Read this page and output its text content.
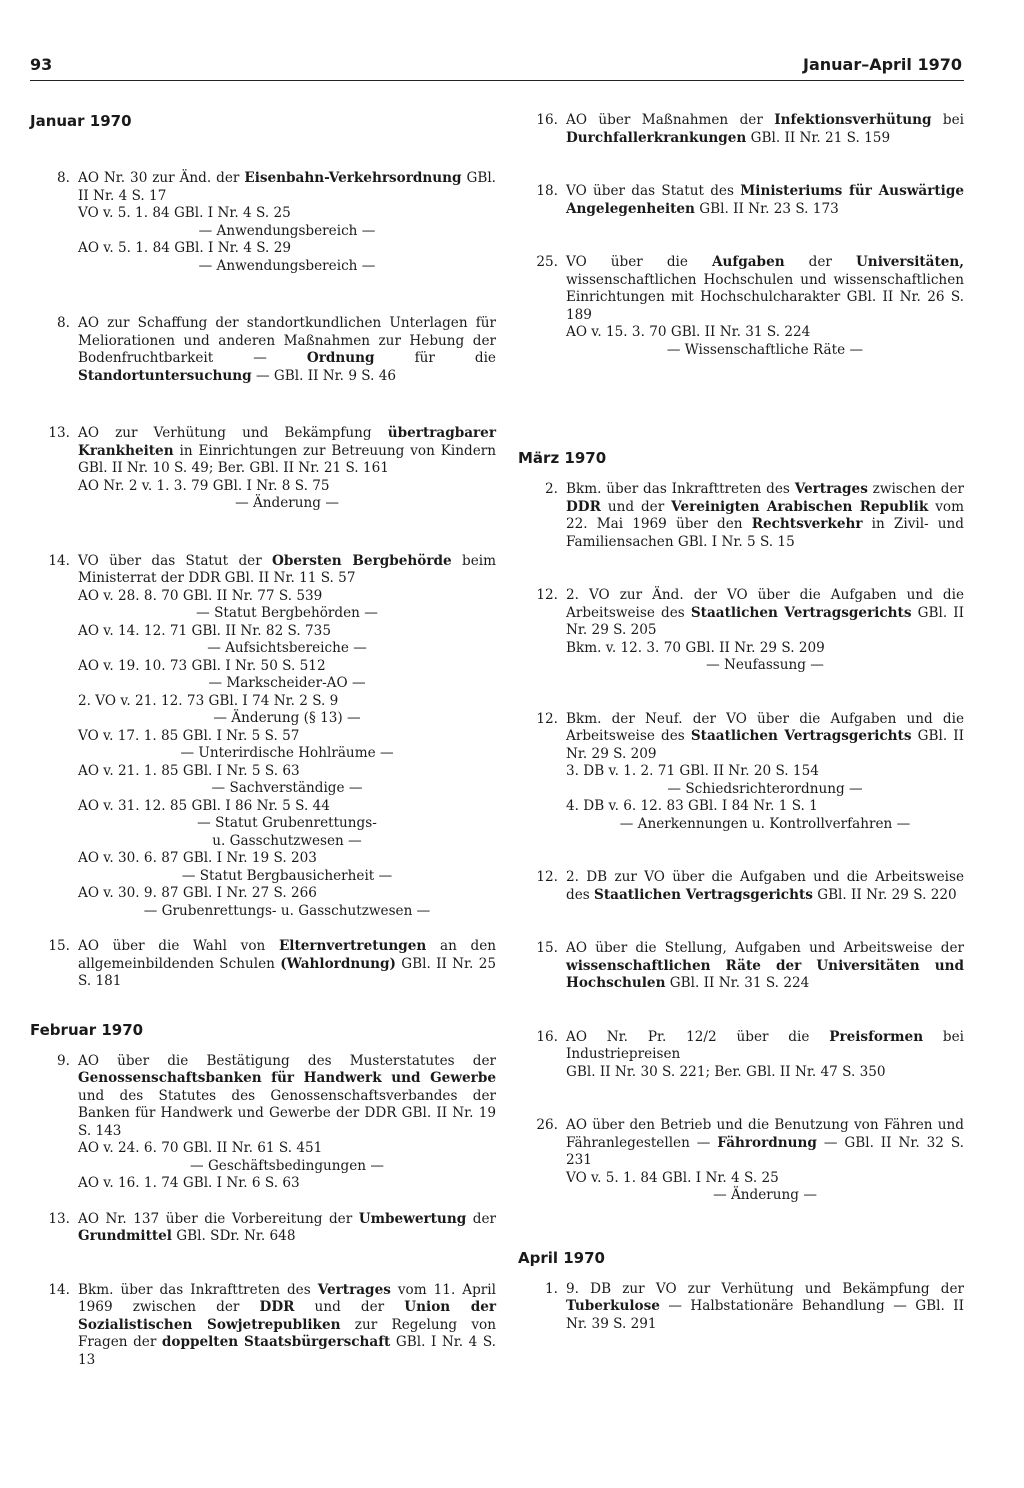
93	Januar–April 1970
Januar 1970
8. AO Nr. 30 zur Änd. der Eisenbahn-Verkehrsordnung GBl. II Nr. 4 S. 17
VO v. 5. 1. 84 GBl. I Nr. 4 S. 25
— Anwendungsbereich —
AO v. 5. 1. 84 GBl. I Nr. 4 S. 29
— Anwendungsbereich —
8. AO zur Schaffung der standortkundlichen Unterlagen für Meliorationen und anderen Maßnahmen zur Hebung der Bodenfruchtbarkeit — Ordnung für die Standortuntersuchung — GBl. II Nr. 9 S. 46
13. AO zur Verhütung und Bekämpfung übertragbarer Krankheiten in Einrichtungen zur Betreuung von Kindern GBl. II Nr. 10 S. 49; Ber. GBl. II Nr. 21 S. 161
AO Nr. 2 v. 1. 3. 79 GBl. I Nr. 8 S. 75
— Änderung —
14. VO über das Statut der Obersten Bergbehörde beim Ministerrat der DDR GBl. II Nr. 11 S. 57
AO v. 28. 8. 70 GBl. II Nr. 77 S. 539
— Statut Bergbehörden —
AO v. 14. 12. 71 GBl. II Nr. 82 S. 735
— Aufsichtsbereiche —
AO v. 19. 10. 73 GBl. I Nr. 50 S. 512
— Markscheider-AO —
2. VO v. 21. 12. 73 GBl. I 74 Nr. 2 S. 9
— Änderung (§ 13) —
VO v. 17. 1. 85 GBl. I Nr. 5 S. 57
— Unterirdische Hohlräume —
AO v. 21. 1. 85 GBl. I Nr. 5 S. 63
— Sachverständige —
AO v. 31. 12. 85 GBl. I 86 Nr. 5 S. 44
— Statut Grubenrettungs-
u. Gasschutzwesen —
AO v. 30. 6. 87 GBl. I Nr. 19 S. 203
— Statut Bergbausicherheit —
AO v. 30. 9. 87 GBl. I Nr. 27 S. 266
— Grubenrettungs- u. Gasschutzwesen —
15. AO über die Wahl von Elternvertretungen an den allgemeinbildenden Schulen (Wahlordnung) GBl. II Nr. 25 S. 181
Februar 1970
9. AO über die Bestätigung des Musterstatutes der Genossenschaftsbanken für Handwerk und Gewerbe und des Statutes des Genossenschaftsverbandes der Banken für Handwerk und Gewerbe der DDR GBl. II Nr. 19 S. 143
AO v. 24. 6. 70 GBl. II Nr. 61 S. 451
— Geschäftsbedingungen —
AO v. 16. 1. 74 GBl. I Nr. 6 S. 63
13. AO Nr. 137 über die Vorbereitung der Umbewertung der Grundmittel GBl. SDr. Nr. 648
14. Bkm. über das Inkrafttreten des Vertrages vom 11. April 1969 zwischen der DDR und der Union der Sozialistischen Sowjetrepubliken zur Regelung von Fragen der doppelten Staatsbürgerschaft GBl. I Nr. 4 S. 13
16. AO über Maßnahmen der Infektionsverhütung bei Durchfallerkrankungen GBl. II Nr. 21 S. 159
18. VO über das Statut des Ministeriums für Auswärtige Angelegenheiten GBl. II Nr. 23 S. 173
25. VO über die Aufgaben der Universitäten, wissenschaftlichen Hochschulen und wissenschaftlichen Einrichtungen mit Hochschulcharakter GBl. II Nr. 26 S. 189
AO v. 15. 3. 70 GBl. II Nr. 31 S. 224
— Wissenschaftliche Räte —
März 1970
2. Bkm. über das Inkrafttreten des Vertrages zwischen der DDR und der Vereinigten Arabischen Republik vom 22. Mai 1969 über den Rechtsverkehr in Zivil- und Familiensachen GBl. I Nr. 5 S. 15
12. 2. VO zur Änd. der VO über die Aufgaben und die Arbeitsweise des Staatlichen Vertragsgerichts GBl. II Nr. 29 S. 205
Bkm. v. 12. 3. 70 GBl. II Nr. 29 S. 209
— Neufassung —
12. Bkm. der Neuf. der VO über die Aufgaben und die Arbeitsweise des Staatlichen Vertragsgerichts GBl. II Nr. 29 S. 209
3. DB v. 1. 2. 71 GBl. II Nr. 20 S. 154
— Schiedsrichterordnung —
4. DB v. 6. 12. 83 GBl. I 84 Nr. 1 S. 1
— Anerkennungen u. Kontrollverfahren —
12. 2. DB zur VO über die Aufgaben und die Arbeitsweise des Staatlichen Vertragsgerichts GBl. II Nr. 29 S. 220
15. AO über die Stellung, Aufgaben und Arbeitsweise der wissenschaftlichen Räte der Universitäten und Hochschulen GBl. II Nr. 31 S. 224
16. AO Nr. Pr. 12/2 über die Preisformen bei Industriepreisen
GBl. II Nr. 30 S. 221; Ber. GBl. II Nr. 47 S. 350
26. AO über den Betrieb und die Benutzung von Fähren und Fähranlegestellen — Fährordnung — GBl. II Nr. 32 S. 231
VO v. 5. 1. 84 GBl. I Nr. 4 S. 25
— Änderung —
April 1970
1. 9. DB zur VO zur Verhütung und Bekämpfung der Tuberkulose — Halbstationäre Behandlung — GBl. II Nr. 39 S. 291
